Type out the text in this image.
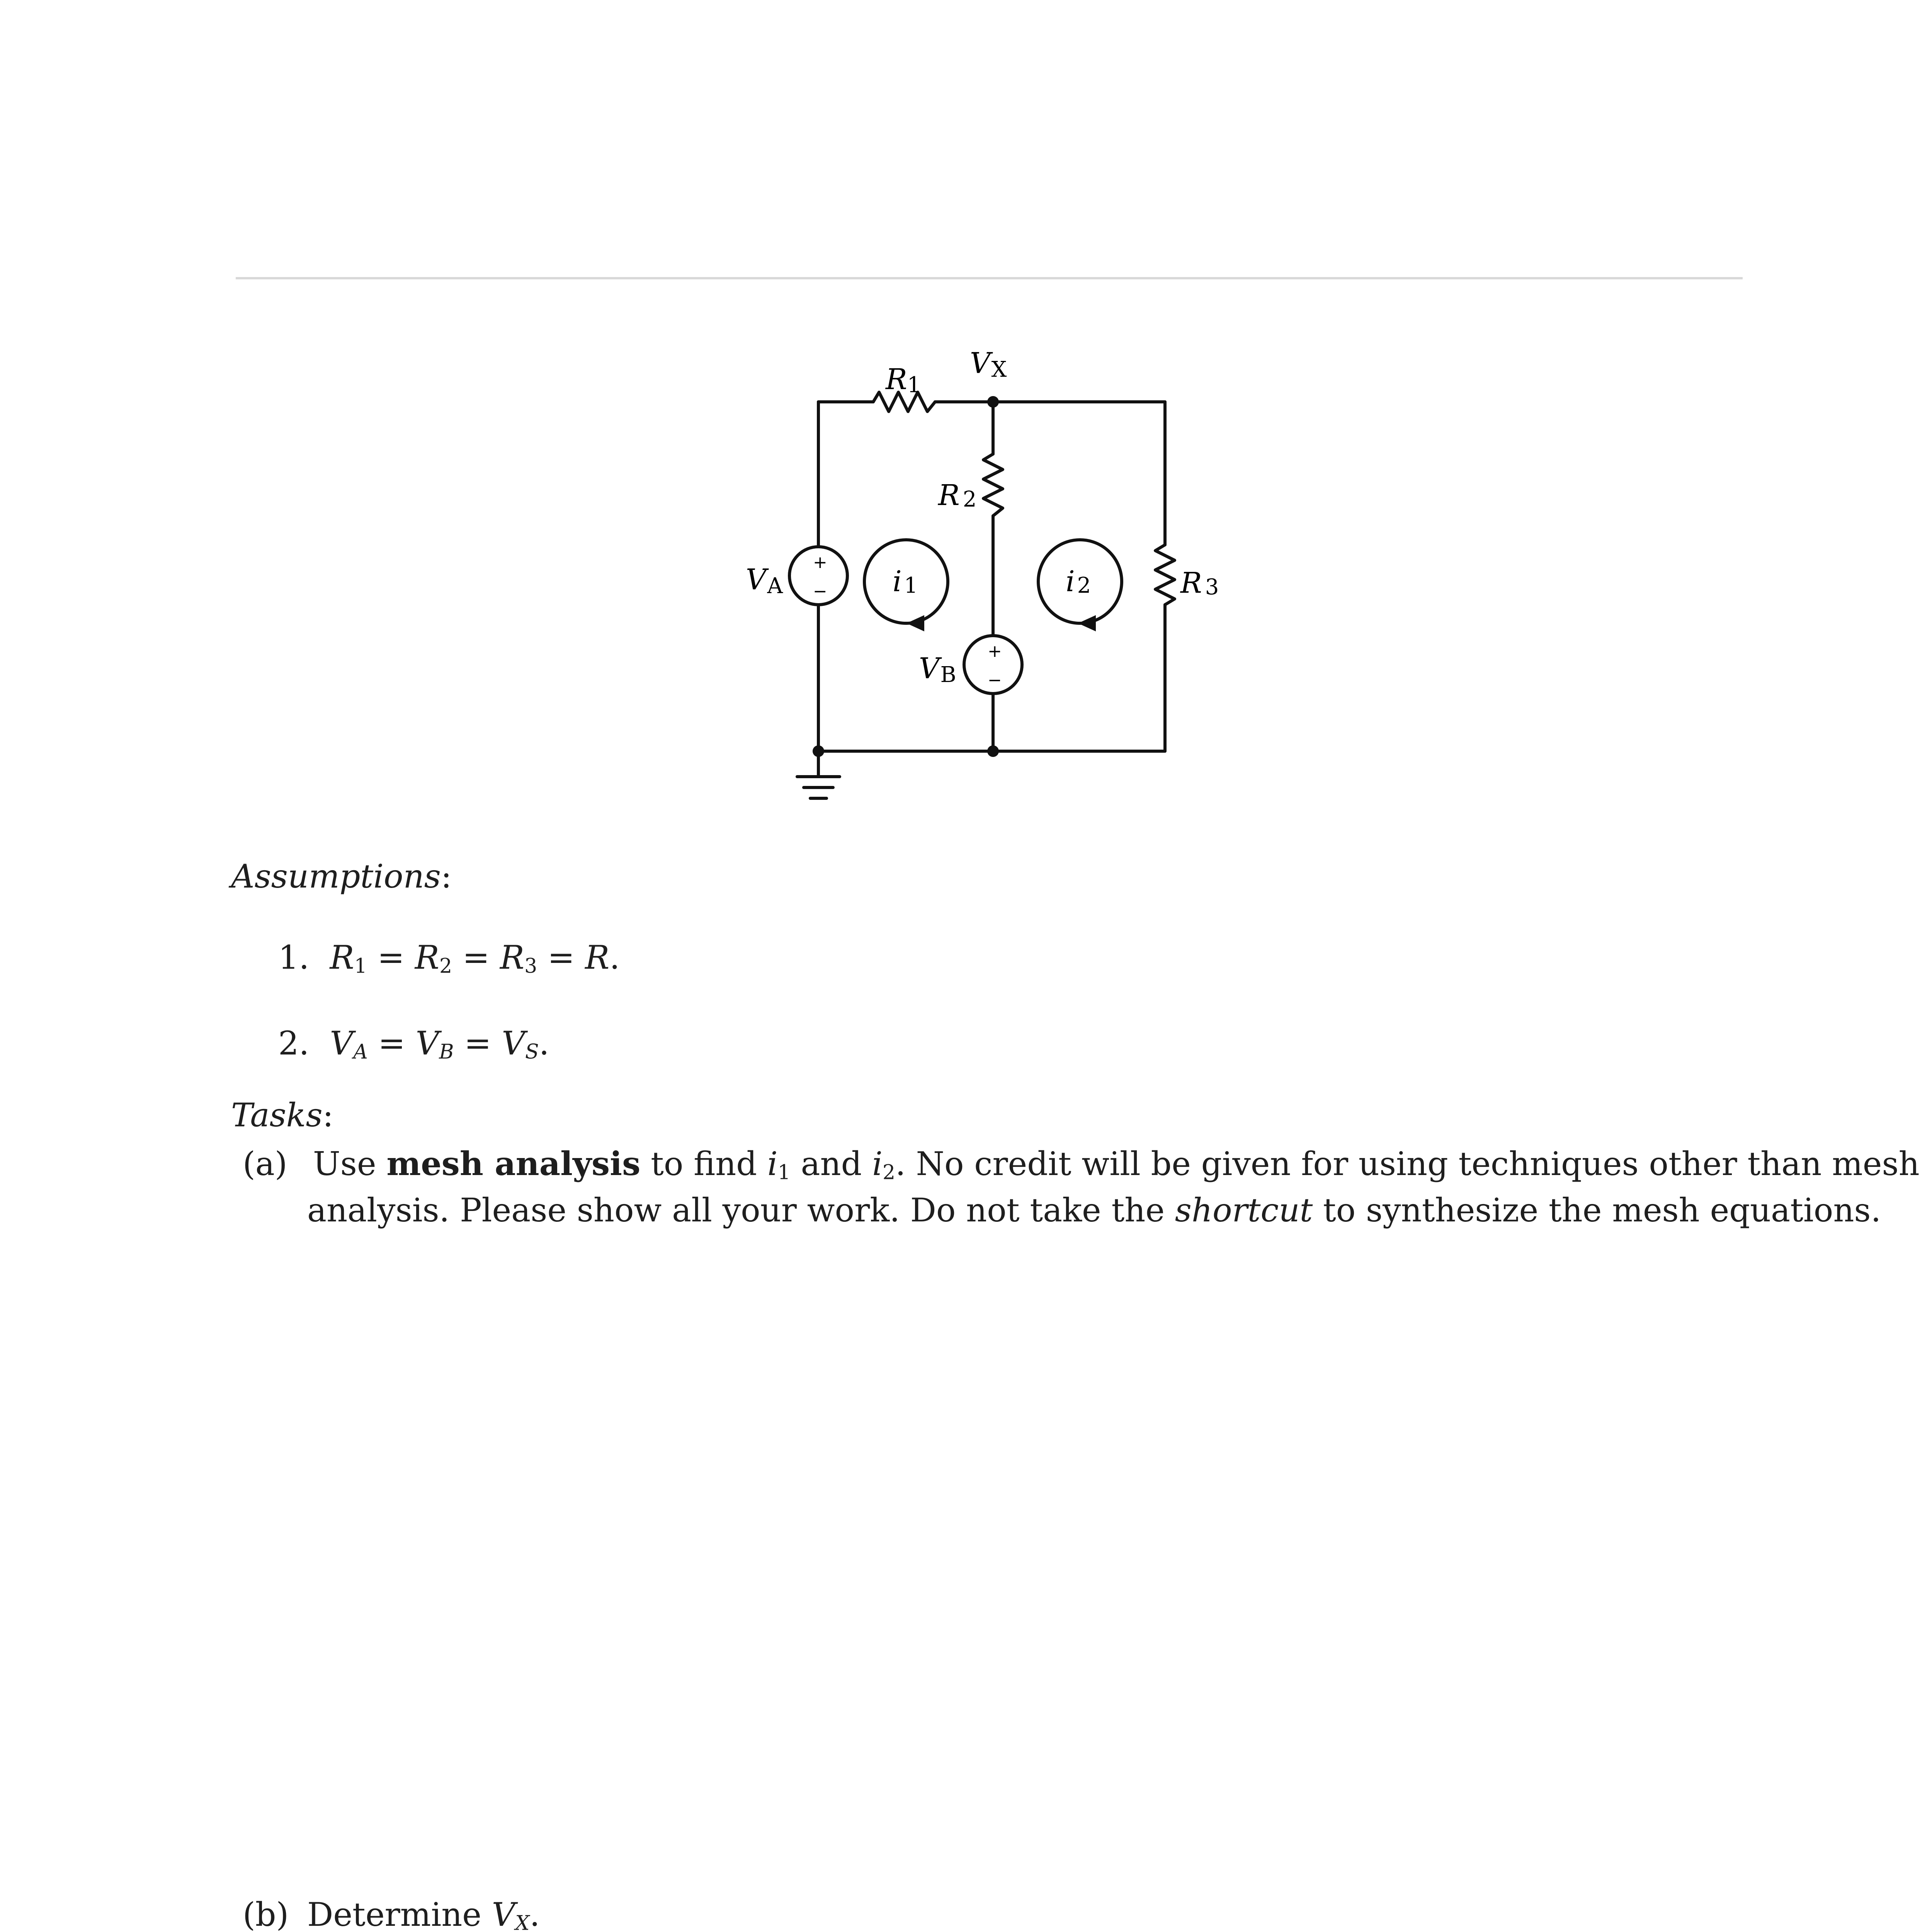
VX
R1
R 2
R 3
VA
VB
i 1	i 2
+
−
+
−
Assumptions:
1.  $R_1 = R_2 = R_3 = R$.
2.  $V_A = V_B = V_S$.
Tasks:
(a) Use mesh analysis to find $i_1$ and $i_2$. No credit will be given for using techniques other than mesh
analysis. Please show all your work. Do not take the shortcut to synthesize the mesh equations.
(b) Determine $V_X$.
